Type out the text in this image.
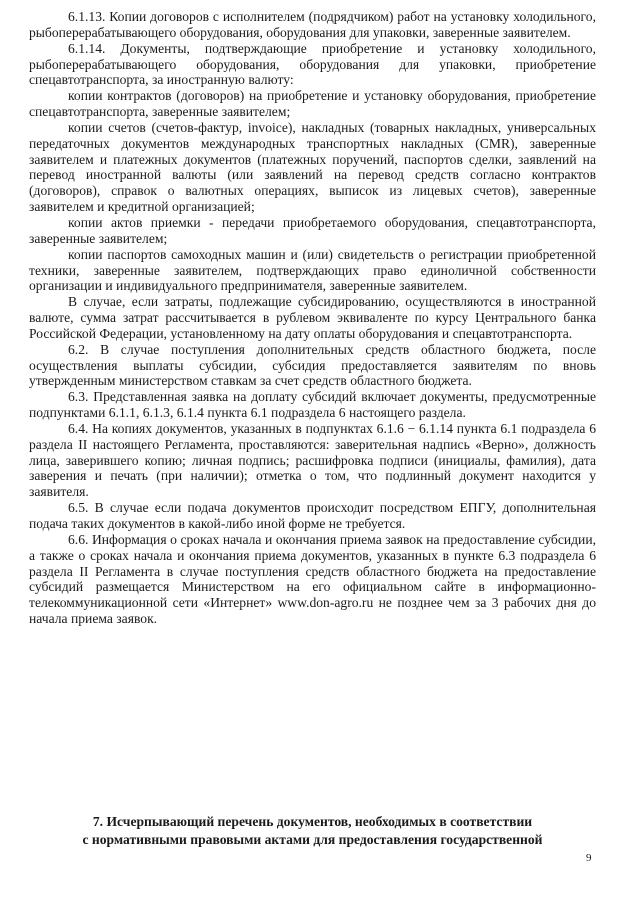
6.1.13. Копии договоров с исполнителем (подрядчиком) работ на установку холодильного, рыбоперерабатывающего оборудования, оборудования для упаковки, заверенные заявителем.

6.1.14. Документы, подтверждающие приобретение и установку холодильного, рыбоперерабатывающего оборудования, оборудования для упаковки, приобретение спецавтотранспорта, за иностранную валюту:

копии контрактов (договоров) на приобретение и установку оборудования, приобретение спецавтотранспорта, заверенные заявителем;

копии счетов (счетов-фактур, invoice), накладных (товарных накладных, универсальных передаточных документов международных транспортных накладных (CMR), заверенные заявителем и платежных документов (платежных поручений, паспортов сделки, заявлений на перевод иностранной валюты (или заявлений на перевод средств согласно контрактов (договоров), справок о валютных операциях, выписок из лицевых счетов), заверенные заявителем и кредитной организацией;

копии актов приемки - передачи приобретаемого оборудования, спецавтотранспорта, заверенные заявителем;

копии паспортов самоходных машин и (или) свидетельств о регистрации приобретенной техники, заверенные заявителем, подтверждающих право единоличной собственности организации и индивидуального предпринимателя, заверенные заявителем.

В случае, если затраты, подлежащие субсидированию, осуществляются в иностранной валюте, сумма затрат рассчитывается в рублевом эквиваленте по курсу Центрального банка Российской Федерации, установленному на дату оплаты оборудования и спецавтотранспорта.

6.2. В случае поступления дополнительных средств областного бюджета, после осуществления выплаты субсидии, субсидия предоставляется заявителям по вновь утвержденным министерством ставкам за счет средств областного бюджета.

6.3. Представленная заявка на доплату субсидий включает документы, предусмотренные подпунктами 6.1.1, 6.1.3, 6.1.4 пункта 6.1 подраздела 6 настоящего раздела.

6.4. На копиях документов, указанных в подпунктах 6.1.6 − 6.1.14 пункта 6.1 подраздела 6 раздела II настоящего Регламента, проставляются: заверительная надпись «Верно», должность лица, заверившего копию; личная подпись; расшифровка подписи (инициалы, фамилия), дата заверения и печать (при наличии); отметка о том, что подлинный документ находится у заявителя.

6.5. В случае если подача документов происходит посредством ЕПГУ, дополнительная подача таких документов в какой-либо иной форме не требуется.

6.6. Информация о сроках начала и окончания приема заявок на предоставление субсидии, а также о сроках начала и окончания приема документов, указанных в пункте 6.3 подраздела 6 раздела II Регламента в случае поступления средств областного бюджета на предоставление субсидий размещается Министерством на его официальном сайте в информационно-телекоммуникационной сети «Интернет» www.don-agro.ru не позднее чем за 3 рабочих дня до начала приема заявок.

7. Исчерпывающий перечень документов, необходимых в соответствии
с нормативными правовыми актами для предоставления государственной
9
